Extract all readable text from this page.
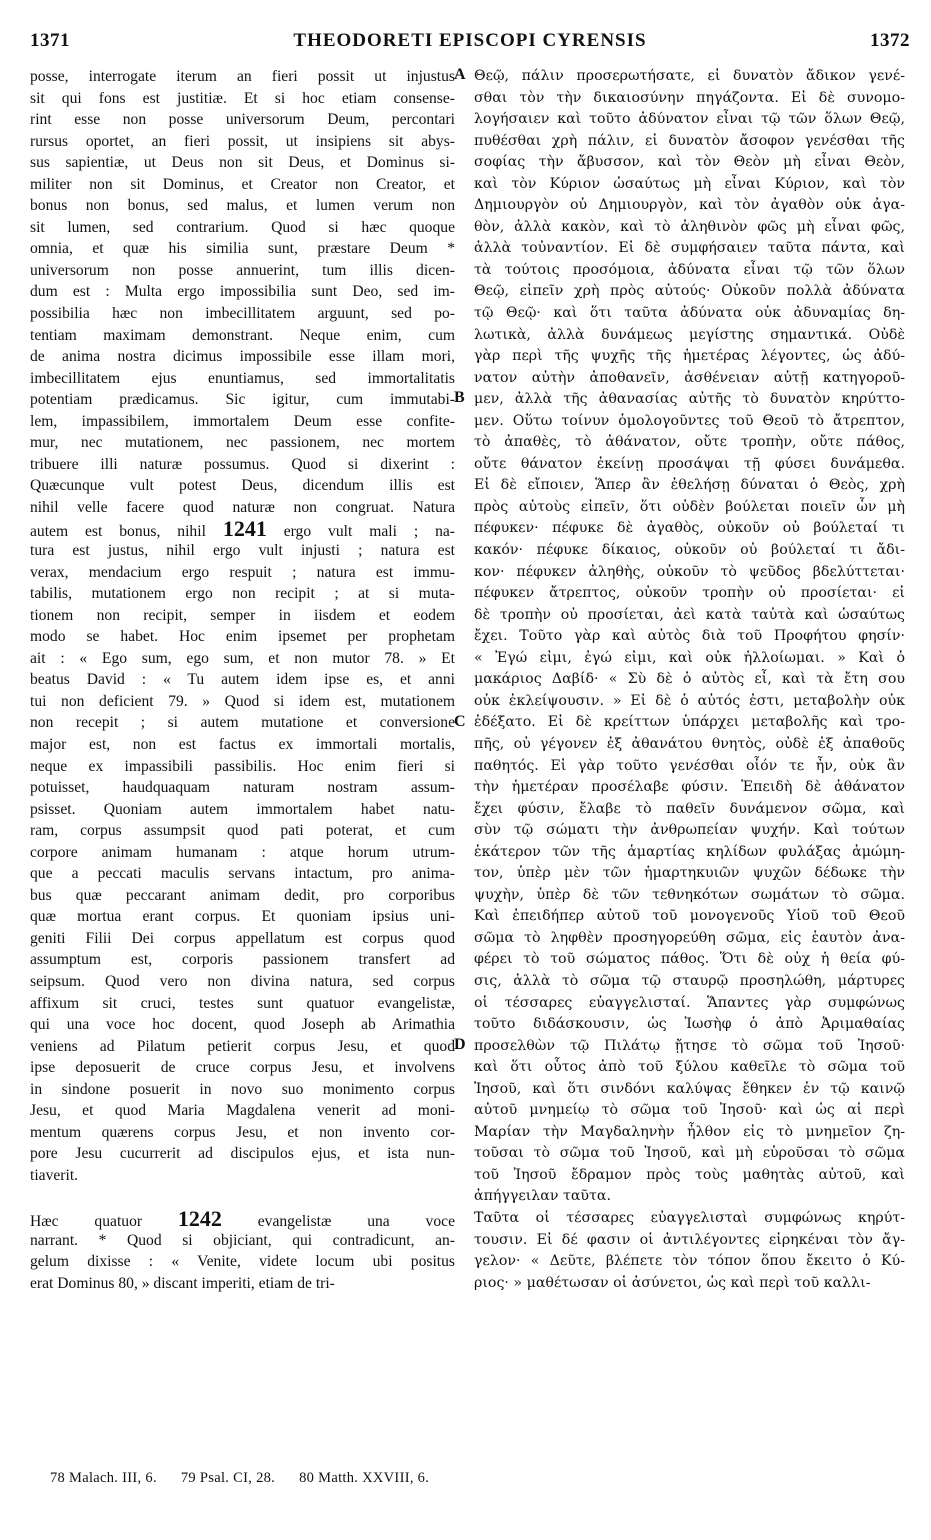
1371	THEODORETI EPISCOPI CYRENSIS	1372
posse, interrogate iterum an fieri possit ut injustus
sit qui fons est justitiæ. Et si hoc etiam consense-
rint esse non posse universorum Deum, percontari
rursus oportet, an fieri possit, ut insipiens sit abys-
sus sapientiæ, ut Deus non sit Deus, et Dominus si-
militer non sit Dominus, et Creator non Creator, et
bonus non bonus, sed malus, et lumen verum non
sit lumen, sed contrarium. Quod si hæc quoque
omnia, et quæ his similia sunt, præstare Deum *
universorum non posse annuerint, tum illis dicen-
dum est : Multa ergo impossibilia sunt Deo, sed im-
possibilia hæc non imbecillitatem arguunt, sed po-
tentiam maximam demonstrant. Neque enim, cum
de anima nostra dicimus impossibile esse illam mori,
imbecillitatem ejus enuntiamus, sed immortalitatis
potentiam prædicamus. Sic igitur, cum immutabi-
lem, impassibilem, immortalem Deum esse confite-
mur, nec mutationem, nec passionem, nec mortem
tribuere illi naturæ possumus. Quod si dixerint :
Quæcunque vult potest Deus, dicendum illis est
nihil velle facere quod naturæ non congruat. Natura
autem est bonus, nihil 1241 ergo vult mali ; na-
tura est justus, nihil ergo vult injusti ; natura est
verax, mendacium ergo respuit ; natura est immu-
tabilis, mutationem ergo non recipit ; at si muta-
tionem non recipit, semper in iisdem et eodem
modo se habet. Hoc enim ipsemet per prophetam
ait : « Ego sum, ego sum, et non mutor 78. » Et
beatus David : « Tu autem idem ipse es, et anni
tui non deficient 79. » Quod si idem est, mutationem
non recepit ; si autem mutatione et conversione
major est, non est factus ex immortali mortalis,
neque ex impassibili passibilis. Hoc enim fieri si
potuisset, haudquaquam naturam nostram assum-
psisset. Quoniam autem immortalem habet natu-
ram, corpus assumpsit quod pati poterat, et cum
corpore animam humanam : atque horum utrum-
que a peccati maculis servans intactum, pro anima-
bus quæ peccarant animam dedit, pro corporibus
quæ mortua erant corpus. Et quoniam ipsius uni-
geniti Filii Dei corpus appellatum est corpus quod
assumptum est, corporis passionem transfert ad
seipsum. Quod vero non divina natura, sed corpus
affixum sit cruci, testes sunt quatuor evangelistæ,
qui una voce hoc docent, quod Joseph ab Arimathia
veniens ad Pilatum petierit corpus Jesu, et quod
ipse deposuerit de cruce corpus Jesu, et involvens
in sindone posuerit in novo suo monimento corpus
Jesu, et quod Maria Magdalena venerit ad moni-
mentum quærens corpus Jesu, et non invento cor-
pore Jesu cucurrerit ad discipulos ejus, et ista nun-
tiaverit.
Hæc quatuor 1242 evangelistæ una voce
narrant. * Quod si objiciant, qui contradicunt, an-
gelum dixisse : « Venite, videte locum ubi positus
erat Dominus 80, » discant imperiti, etiam de tri-
A
B
C
D
Θεῷ, πάλιν προσερωτήσατε, εἰ δυνατὸν ἄδικον γενέ-
σθαι τὸν τὴν δικαιοσύνην πηγάζοντα. Εἰ δὲ συνομο-
λογήσαιεν καὶ τοῦτο ἀδύνατον εἶναι τῷ τῶν ὅλων Θεῷ,
πυθέσθαι χρὴ πάλιν, εἰ δυνατὸν ἄσοφον γενέσθαι τῆς
σοφίας τὴν ἄβυσσον, καὶ τὸν Θεὸν μὴ εἶναι Θεὸν,
καὶ τὸν Κύριον ὡσαύτως μὴ εἶναι Κύριον, καὶ τὸν
Δημιουργὸν οὐ Δημιουργὸν, καὶ τὸν ἀγαθὸν οὐκ ἀγα-
θὸν, ἀλλὰ κακὸν, καὶ τὸ ἀληθινὸν φῶς μὴ εἶναι φῶς,
ἀλλὰ τοὐναντίον. Εἰ δὲ συμφήσαιεν ταῦτα πάντα, καὶ
τὰ τούτοις προσόμοια, ἀδύνατα εἶναι τῷ τῶν ὅλων
Θεῷ, εἰπεῖν χρὴ πρὸς αὐτούς· Οὐκοῦν πολλὰ ἀδύνατα
τῷ Θεῷ· καὶ ὅτι ταῦτα ἀδύνατα οὐκ ἀδυναμίας δη-
λωτικὰ, ἀλλὰ δυνάμεως μεγίστης σημαντικά. Οὐδὲ
γὰρ περὶ τῆς ψυχῆς τῆς ἡμετέρας λέγοντες, ὡς ἀδύ-
νατον αὐτὴν ἀποθανεῖν, ἀσθένειαν αὐτῇ κατηγοροῦ-
μεν, ἀλλὰ τῆς ἀθανασίας αὐτῆς τὸ δυνατὸν κηρύττο-
μεν. Οὕτω τοίνυν ὁμολογοῦντες τοῦ Θεοῦ τὸ ἄτρεπτον,
τὸ ἀπαθὲς, τὸ ἀθάνατον, οὔτε τροπὴν, οὔτε πάθος,
οὔτε θάνατον ἐκείνῃ προσάψαι τῇ φύσει δυνάμεθα.
Εἰ δὲ εἴποιεν, Ἅπερ ἂν ἐθελήσῃ δύναται ὁ Θεὸς, χρὴ
πρὸς αὐτοὺς εἰπεῖν, ὅτι οὐδὲν βούλεται ποιεῖν ὧν μὴ
πέφυκεν· πέφυκε δὲ ἀγαθὸς, οὐκοῦν οὐ βούλεταί τι
κακόν· πέφυκε δίκαιος, οὐκοῦν οὐ βούλεταί τι ἄδι-
κον· πέφυκεν ἀληθὴς, οὐκοῦν τὸ ψεῦδος βδελύττεται·
πέφυκεν ἄτρεπτος, οὐκοῦν τροπὴν οὐ προσίεται· εἰ
δὲ τροπὴν οὐ προσίεται, ἀεὶ κατὰ ταὐτὰ καὶ ὡσαύτως
ἔχει. Τοῦτο γὰρ καὶ αὐτὸς διὰ τοῦ Προφήτου φησίν·
« Ἐγώ εἰμι, ἐγώ εἰμι, καὶ οὐκ ἠλλοίωμαι. » Καὶ ὁ
μακάριος Δαβίδ· « Σὺ δὲ ὁ αὐτὸς εἶ, καὶ τὰ ἔτη σου
οὐκ ἐκλείψουσιν. » Εἰ δὲ ὁ αὐτός ἐστι, μεταβολὴν οὐκ
ἐδέξατο. Εἰ δὲ κρείττων ὑπάρχει μεταβολῆς καὶ τρο-
πῆς, οὐ γέγονεν ἐξ ἀθανάτου θνητὸς, οὐδὲ ἐξ ἀπαθοῦς
παθητός. Εἰ γὰρ τοῦτο γενέσθαι οἷόν τε ἦν, οὐκ ἂν
τὴν ἡμετέραν προσέλαβε φύσιν. Ἐπειδὴ δὲ ἀθάνατον
ἔχει φύσιν, ἔλαβε τὸ παθεῖν δυνάμενον σῶμα, καὶ
σὺν τῷ σώματι τὴν ἀνθρωπείαν ψυχήν. Καὶ τούτων
ἑκάτερον τῶν τῆς ἁμαρτίας κηλίδων φυλάξας ἀμώμη-
τον, ὑπὲρ μὲν τῶν ἡμαρτηκυιῶν ψυχῶν δέδωκε τὴν
ψυχὴν, ὑπὲρ δὲ τῶν τεθνηκότων σωμάτων τὸ σῶμα.
Καὶ ἐπειδήπερ αὐτοῦ τοῦ μονογενοῦς Υἱοῦ τοῦ Θεοῦ
σῶμα τὸ ληφθὲν προσηγορεύθη σῶμα, εἰς ἑαυτὸν ἀνα-
φέρει τὸ τοῦ σώματος πάθος. Ὅτι δὲ οὐχ ἡ θεία φύ-
σις, ἀλλὰ τὸ σῶμα τῷ σταυρῷ προσηλώθη, μάρτυρες
οἱ τέσσαρες εὐαγγελισταί. Ἅπαντες γὰρ συμφώνως
τοῦτο διδάσκουσιν, ὡς Ἰωσὴφ ὁ ἀπὸ Ἀριμαθαίας
προσελθὼν τῷ Πιλάτῳ ᾔτησε τὸ σῶμα τοῦ Ἰησοῦ·
καὶ ὅτι οὗτος ἀπὸ τοῦ ξύλου καθεῖλε τὸ σῶμα τοῦ
Ἰησοῦ, καὶ ὅτι σινδόνι καλύψας ἔθηκεν ἐν τῷ καινῷ
αὐτοῦ μνημείῳ τὸ σῶμα τοῦ Ἰησοῦ· καὶ ὡς αἱ περὶ
Μαρίαν τὴν Μαγδαληνὴν ἦλθον εἰς τὸ μνημεῖον ζη-
τοῦσαι τὸ σῶμα τοῦ Ἰησοῦ, καὶ μὴ εὑροῦσαι τὸ σῶμα
τοῦ Ἰησοῦ ἔδραμον πρὸς τοὺς μαθητὰς αὐτοῦ, καὶ
ἀπήγγειλαν ταῦτα.
Ταῦτα οἱ τέσσαρες εὐαγγελισταὶ συμφώνως κηρύτ-
τουσιν. Εἰ δέ φασιν οἱ ἀντιλέγοντες εἰρηκέναι τὸν ἄγ-
γελον· « Δεῦτε, βλέπετε τὸν τόπον ὅπου ἔκειτο ὁ Κύ-
ριος· » μαθέτωσαν οἱ ἀσύνετοι, ὡς καὶ περὶ τοῦ καλλι-
78 Malach. III, 6. 79 Psal. CI, 28. 80 Matth. XXVIII, 6.
